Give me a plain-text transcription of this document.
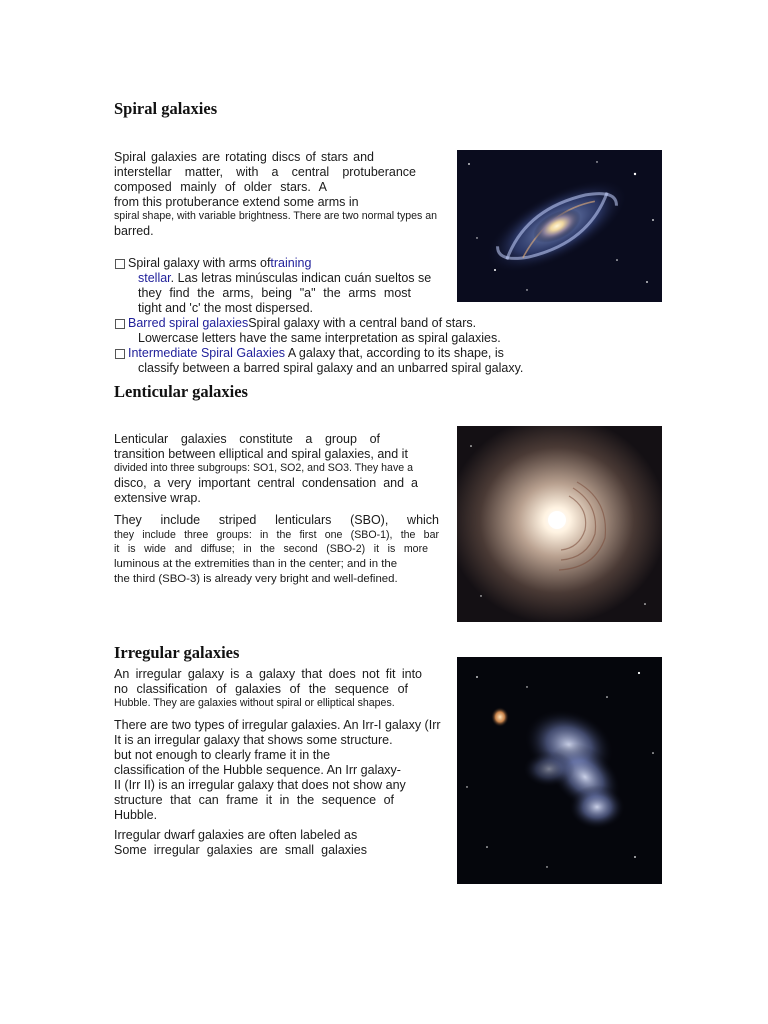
Spiral galaxies
Spiral galaxies are rotating discs of stars and
interstellar matter, with a central protuberance
composed mainly of older stars. A
from this protuberance extend some arms in
spiral shape, with variable brightness. There are two normal types an
barred.
Spiral galaxy with arms oftraining
stellar. Las letras minúsculas indican cuán sueltos se
they find the arms, being "a" the arms most
tight and 'c' the most dispersed.
Barred spiral galaxiesSpiral galaxy with a central band of stars.
Lowercase letters have the same interpretation as spiral galaxies.
Intermediate Spiral Galaxies A galaxy that, according to its shape, is
classify between a barred spiral galaxy and an unbarred spiral galaxy.
Lenticular galaxies
Lenticular galaxies constitute a group of
transition between elliptical and spiral galaxies, and it
divided into three subgroups: SO1, SO2, and SO3. They have a
disco, a very important central condensation and a
extensive wrap.
They include striped lenticulars (SBO), which
they include three groups: in the first one (SBO-1), the bar
it is wide and diffuse; in the second (SBO-2) it is more
luminous at the extremities than in the center; and in the
the third (SBO-3) is already very bright and well-defined.
Irregular galaxies
An irregular galaxy is a galaxy that does not fit into
no classification of galaxies of the sequence of
Hubble. They are galaxies without spiral or elliptical shapes.
There are two types of irregular galaxies. An Irr-I galaxy (Irr
It is an irregular galaxy that shows some structure.
but not enough to clearly frame it in the
classification of the Hubble sequence. An Irr galaxy-
II (Irr II) is an irregular galaxy that does not show any
structure that can frame it in the sequence of
Hubble.
Irregular dwarf galaxies are often labeled as
Some irregular galaxies are small galaxies
